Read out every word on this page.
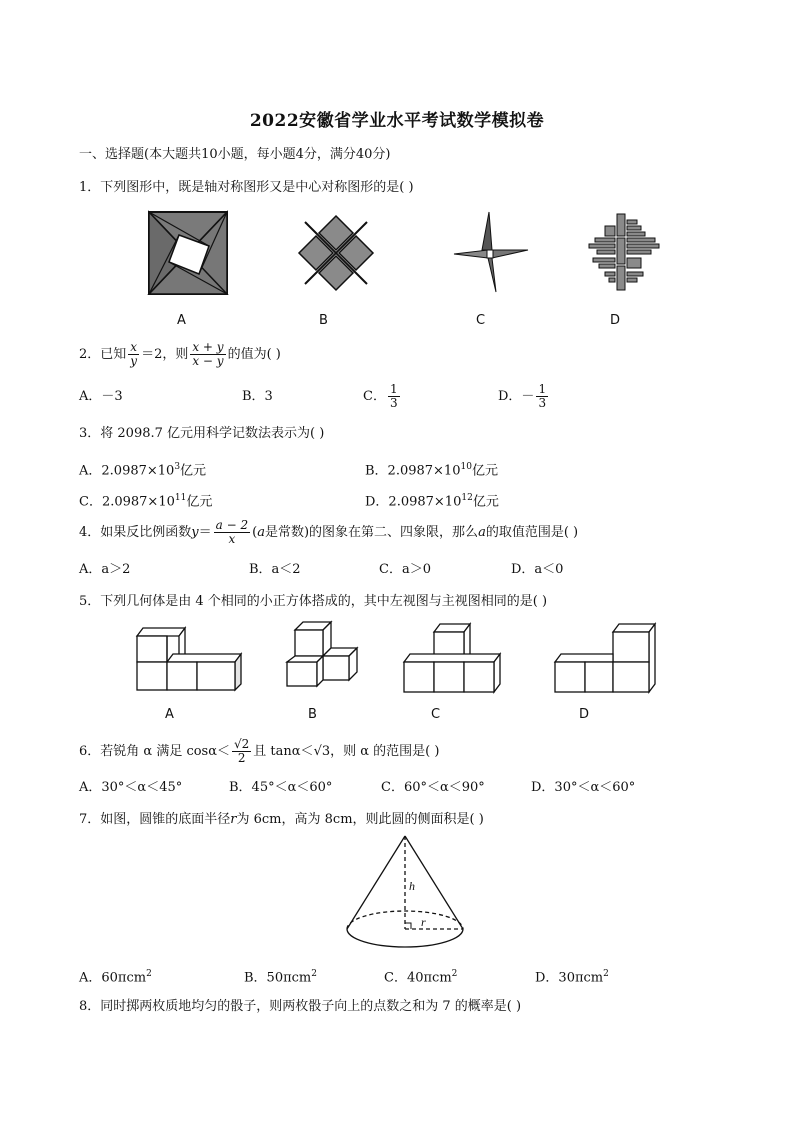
2022安徽省学业水平考试数学模拟卷
一、选择题(本大题共10小题，每小题4分，满分40分)
1．下列图形中，既是轴对称图形又是中心对称图形的是( )
A	B	C	D
2．已知 $\frac{x}{y} =2$，则 $\frac{x + y}{x - y}$ 的值为( )
A．－3	B．3	C． $\frac{1}{3}$	D．－ $\frac{1}{3}$
3．将 2098.7 亿元用科学记数法表示为( )
A．$2.0987\times 10^3$亿元	B．$2.0987\times 10^{10}$亿元
C．$2.0987\times 10^{11}$亿元	D．$2.0987\times 10^{12}$亿元
4．如果反比例函数$y= \frac{a - 2}{x} (a$是常数)的图象在第二、四象限，那么a的取值范围是( )
A．a＞2	B．a＜2	C．a＞0	D．a＜0
5．下列几何体是由 4 个相同的小正方体搭成的，其中左视图与主视图相同的是( )
A	B	C	D
6．若锐角 α 满足 $\cos\alpha< \frac{√2}{2}$ 且 tanα＜√3，则 α 的范围是( )
A．30°＜α＜45°	B．45°＜α＜60°	C．60°＜α＜90°	D．30°＜α＜60°
7．如图，圆锥的底面半径r为 6cm，高为 8cm，则此圆的侧面积是( )
h
r
A．60πcm$^2$	B．50πcm$^2$	C．40πcm$^2$	D．30πcm$^2$
8．同时掷两枚质地均匀的骰子，则两枚骰子向上的点数之和为 7 的概率是( )
